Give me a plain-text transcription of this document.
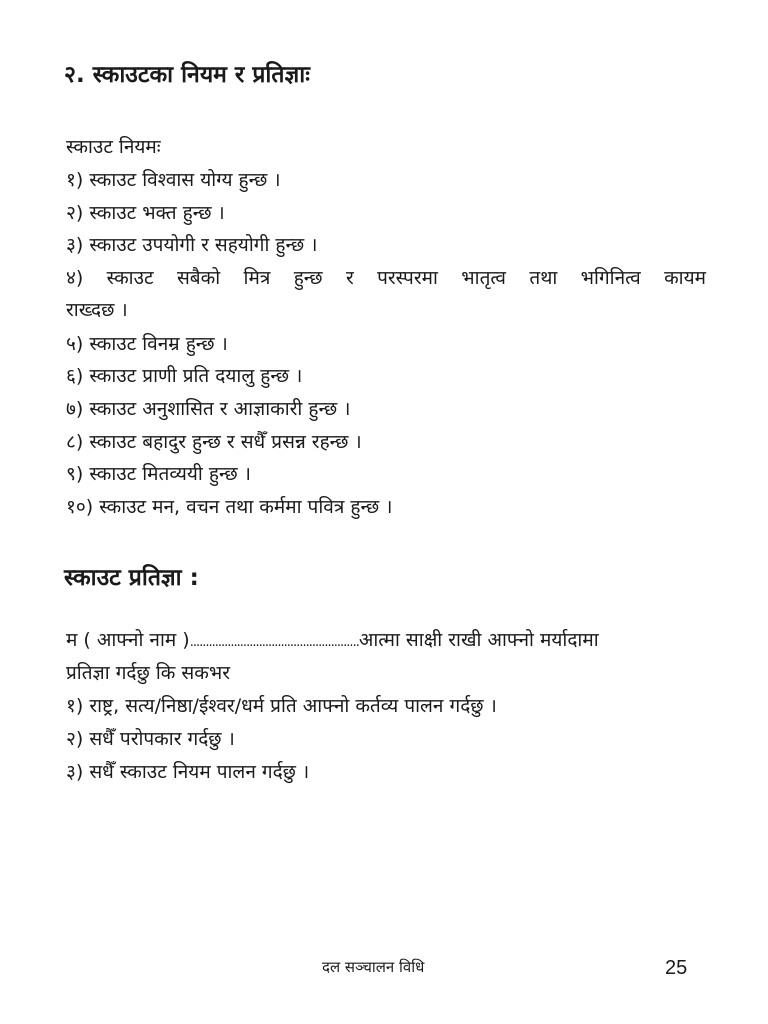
२. स्काउटका नियम र प्रतिज्ञाः

स्काउट नियमः

१) स्काउट विश्वास योग्य हुन्छ ।

२) स्काउट भक्त हुन्छ ।

३) स्काउट उपयोगी र सहयोगी हुन्छ ।

४) स्काउट सबैको मित्र हुन्छ र परस्परमा भातृत्व तथा भगिनित्व कायम

राख्दछ ।

५) स्काउट विनम्र हुन्छ ।

६) स्काउट प्राणी प्रति दयालु हुन्छ ।

७) स्काउट अनुशासित र आज्ञाकारी हुन्छ ।

८) स्काउट बहादुर हुन्छ र सधैँ प्रसन्न रहन्छ ।

९) स्काउट मितव्ययी हुन्छ ।

१०) स्काउट मन, वचन तथा कर्ममा पवित्र हुन्छ ।

स्काउट प्रतिज्ञा :

म ( आफ्नो नाम )......................................................आत्मा साक्षी राखी आफ्नो मर्यादामा

प्रतिज्ञा गर्दछु कि सकभर

१) राष्ट्र, सत्य/निष्ठा/ईश्वर/धर्म प्रति आफ्नो कर्तव्य पालन गर्दछु ।

२) सधैँ परोपकार गर्दछु ।

३) सधैँ स्काउट नियम पालन गर्दछु ।

दल सञ्चालन विधि	25
